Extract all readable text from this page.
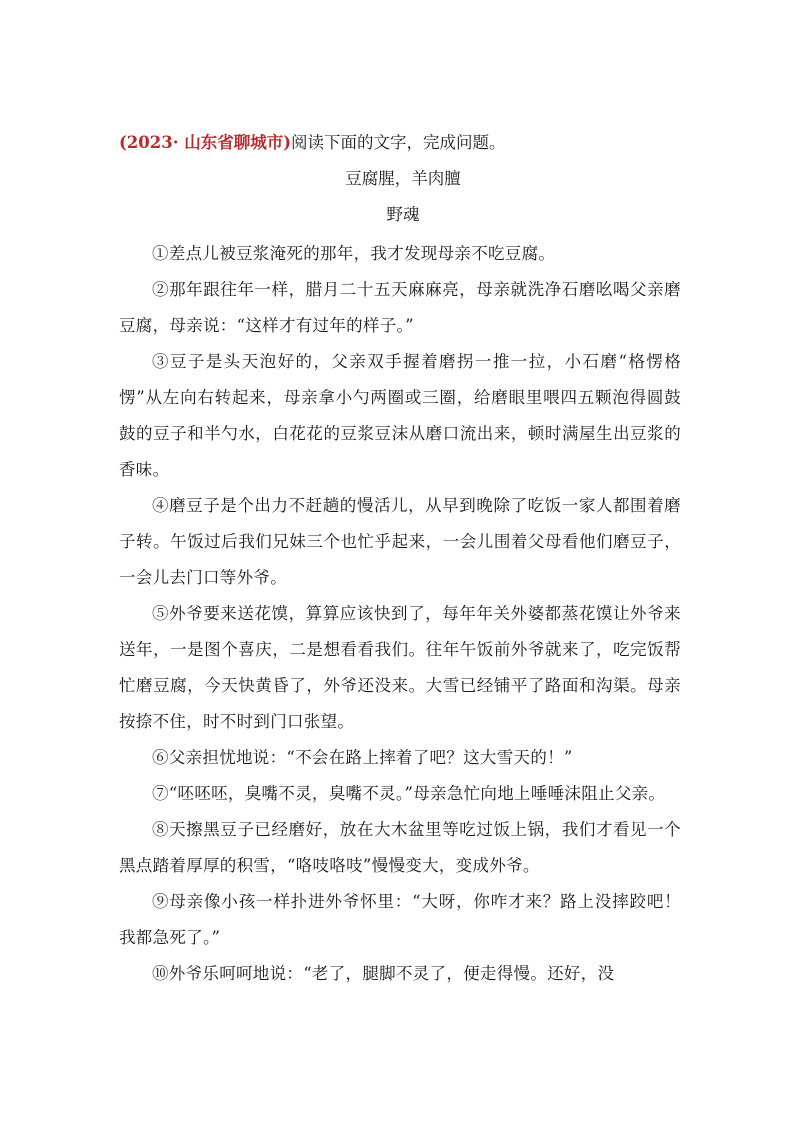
(2023· 山东省聊城市)阅读下面的文字，完成问题。
豆腐腥，羊肉膻
野魂

①差点儿被豆浆淹死的那年，我才发现母亲不吃豆腐。

②那年跟往年一样，腊月二十五天麻麻亮，母亲就洗净石磨吆喝父亲磨豆腐，母亲说：“这样才有过年的样子。”

③豆子是头天泡好的，父亲双手握着磨拐一推一拉，小石磨“格愣格愣”从左向右转起来，母亲拿小勺两圈或三圈，给磨眼里喂四五颗泡得圆鼓鼓的豆子和半勺水，白花花的豆浆豆沫从磨口流出来，顿时满屋生出豆浆的香味。

④磨豆子是个出力不赶趟的慢活儿，从早到晚除了吃饭一家人都围着磨子转。午饭过后我们兄妹三个也忙乎起来，一会儿围着父母看他们磨豆子，一会儿去门口等外爷。

⑤外爷要来送花馍，算算应该快到了，每年年关外婆都蒸花馍让外爷来送年，一是图个喜庆，二是想看看我们。往年午饭前外爷就来了，吃完饭帮忙磨豆腐，今天快黄昏了，外爷还没来。大雪已经铺平了路面和沟渠。母亲按捺不住，时不时到门口张望。

⑥父亲担忧地说：“不会在路上摔着了吧？这大雪天的！”

⑦“呸呸呸，臭嘴不灵，臭嘴不灵。”母亲急忙向地上唾唾沫阻止父亲。

⑧天擦黑豆子已经磨好，放在大木盆里等吃过饭上锅，我们才看见一个黑点踏着厚厚的积雪，“咯吱咯吱”慢慢变大，变成外爷。

⑨母亲像小孩一样扑进外爷怀里：“大呀，你咋才来？路上没摔跤吧！我都急死了。”

⑩外爷乐呵呵地说：“老了，腿脚不灵了，便走得慢。还好，没
